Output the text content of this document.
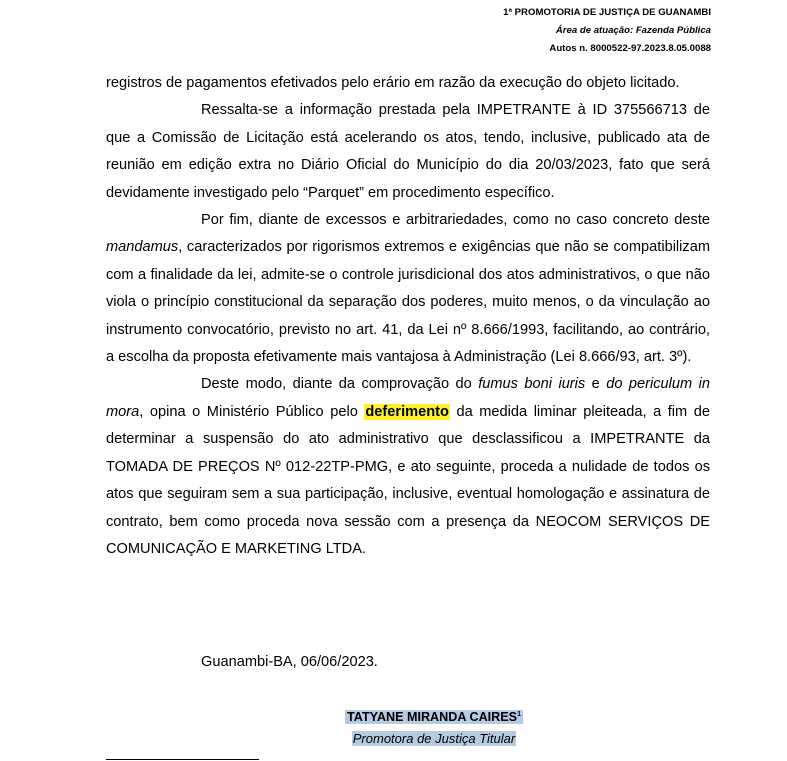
1ª PROMOTORIA DE JUSTIÇA DE GUANAMBI
Área de atuação: Fazenda Pública
Autos n. 8000522-97.2023.8.05.0088

registros de pagamentos efetivados pelo erário em razão da execução do objeto licitado.

Ressalta-se a informação prestada pela IMPETRANTE à ID 375566713 de que a Comissão de Licitação está acelerando os atos, tendo, inclusive, publicado ata de reunião em edição extra no Diário Oficial do Município do dia 20/03/2023, fato que será devidamente investigado pelo “Parquet” em procedimento específico.

Por fim, diante de excessos e arbitrariedades, como no caso concreto deste mandamus, caracterizados por rigorismos extremos e exigências que não se compatibilizam com a finalidade da lei, admite-se o controle jurisdicional dos atos administrativos, o que não viola o princípio constitucional da separação dos poderes, muito menos, o da vinculação ao instrumento convocatório, previsto no art. 41, da Lei nº 8.666/1993, facilitando, ao contrário, a escolha da proposta efetivamente mais vantajosa à Administração (Lei 8.666/93, art. 3º).

Deste modo, diante da comprovação do fumus boni iuris e do periculum in mora, opina o Ministério Público pelo deferimento da medida liminar pleiteada, a fim de determinar a suspensão do ato administrativo que desclassificou a IMPETRANTE da TOMADA DE PREÇOS Nº 012-22TP-PMG, e ato seguinte, proceda a nulidade de todos os atos que seguiram sem a sua participação, inclusive, eventual homologação e assinatura de contrato, bem como proceda nova sessão com a presença da NEOCOM SERVIÇOS DE COMUNICAÇÃO E MARKETING LTDA.

Guanambi-BA, 06/06/2023.
TATYANE MIRANDA CAIRES$^1$
Promotora de Justiça Titular
